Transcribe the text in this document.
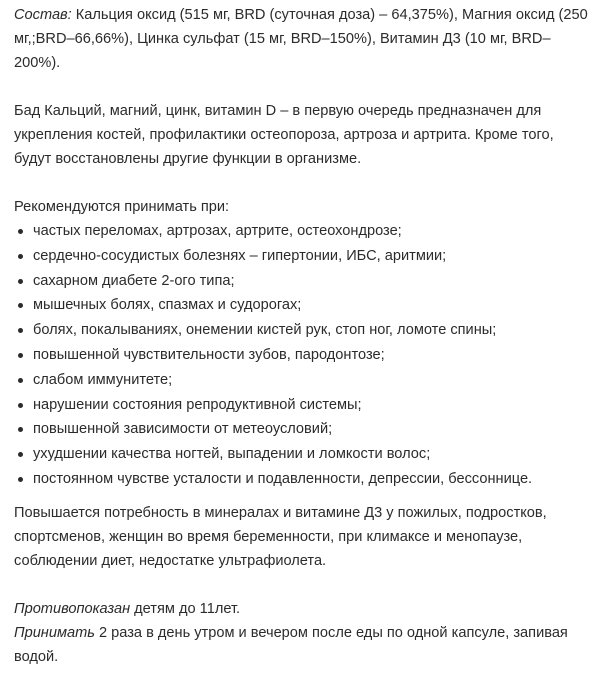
Состав: Кальция оксид (515 мг, BRD (суточная доза) – 64,375%), Магния оксид (250 мг,;BRD–66,66%), Цинка сульфат (15 мг, BRD–150%), Витамин Д3 (10 мг, BRD–200%).

Бад Кальций, магний, цинк, витамин D – в первую очередь предназначен для укрепления костей, профилактики остеопороза, артроза и артрита. Кроме того, будут восстановлены другие функции в организме.

Рекомендуются принимать при:

частых переломах, артрозах, артрите, остеохондрозе;
сердечно-сосудистых болезнях – гипертонии, ИБС, аритмии;
сахарном диабете 2-ого типа;
мышечных болях, спазмах и судорогах;
болях, покалываниях, онемении кистей рук, стоп ног, ломоте спины;
повышенной чувствительности зубов, пародонтозе;
слабом иммунитете;
нарушении состояния репродуктивной системы;
повышенной зависимости от метеоусловий;
ухудшении качества ногтей, выпадении и ломкости волос;
постоянном чувстве усталости и подавленности, депрессии, бессоннице.

Повышается потребность в минералах и витамине Д3 у пожилых, подростков, спортсменов, женщин во время беременности, при климаксе и менопаузе, соблюдении диет, недостатке ультрафиолета.

Противопоказан детям до 11лет.

Принимать 2 раза в день утром и вечером после еды по одной капсуле, запивая водой.
